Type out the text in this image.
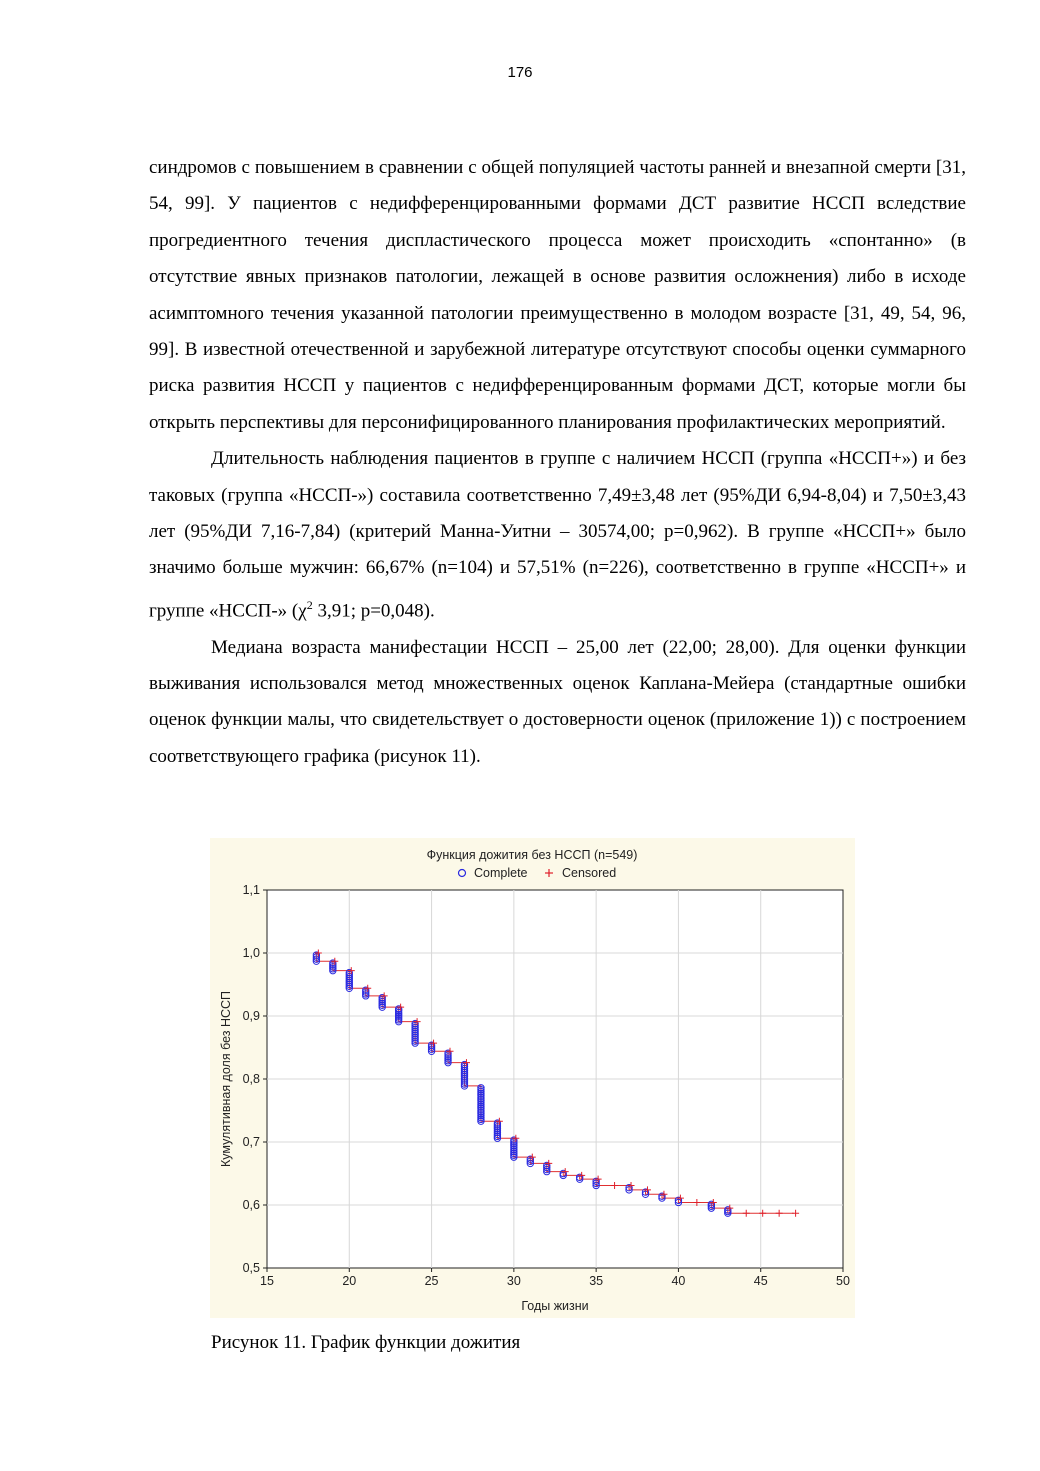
176

синдромов с повышением в сравнении с общей популяцией частоты ранней и внезапной смерти [31, 54, 99]. У пациентов с недифференцированными формами ДСТ развитие НССП вследствие прогредиентного течения диспластического процесса может происходить «спонтанно» (в отсутствие явных признаков патологии, лежащей в основе развития осложнения) либо в исходе асимптомного течения указанной патологии преимущественно в молодом возрасте [31, 49, 54, 96, 99]. В известной отечественной и зарубежной литературе отсутствуют способы оценки суммарного риска развития НССП у пациентов с недифференцированным формами ДСТ, которые могли бы открыть перспективы для персонифицированного планирования профилактических мероприятий.

Длительность наблюдения пациентов в группе с наличием НССП (группа «НССП+») и без таковых (группа «НССП-») составила соответственно 7,49±3,48 лет (95%ДИ 6,94-8,04) и 7,50±3,43 лет (95%ДИ 7,16-7,84) (критерий Манна-Уитни – 30574,00; p=0,962). В группе «НССП+» было значимо больше мужчин: 66,67% (n=104) и 57,51% (n=226), соответственно в группе «НССП+» и группе «НССП-» ($\chi^2$ 3,91; p=0,048).

Медиана возраста манифестации НССП – 25,00 лет (22,00; 28,00). Для оценки функции выживания использовался метод множественных оценок Каплана-Мейера (стандартные ошибки оценок функции малы, что свидетельствует о достоверности оценок (приложение 1)) с построением соответствующего графика (рисунок 11).

Функция дожития без НССП (n=549)
Complete	Censored
15	20	25	30	35	40	45	50
0,5
0,6
0,7
0,8
0,9
1,0
1,1
Годы жизни
Кумулятивная доля без НССП
Рисунок 11. График функции дожития
